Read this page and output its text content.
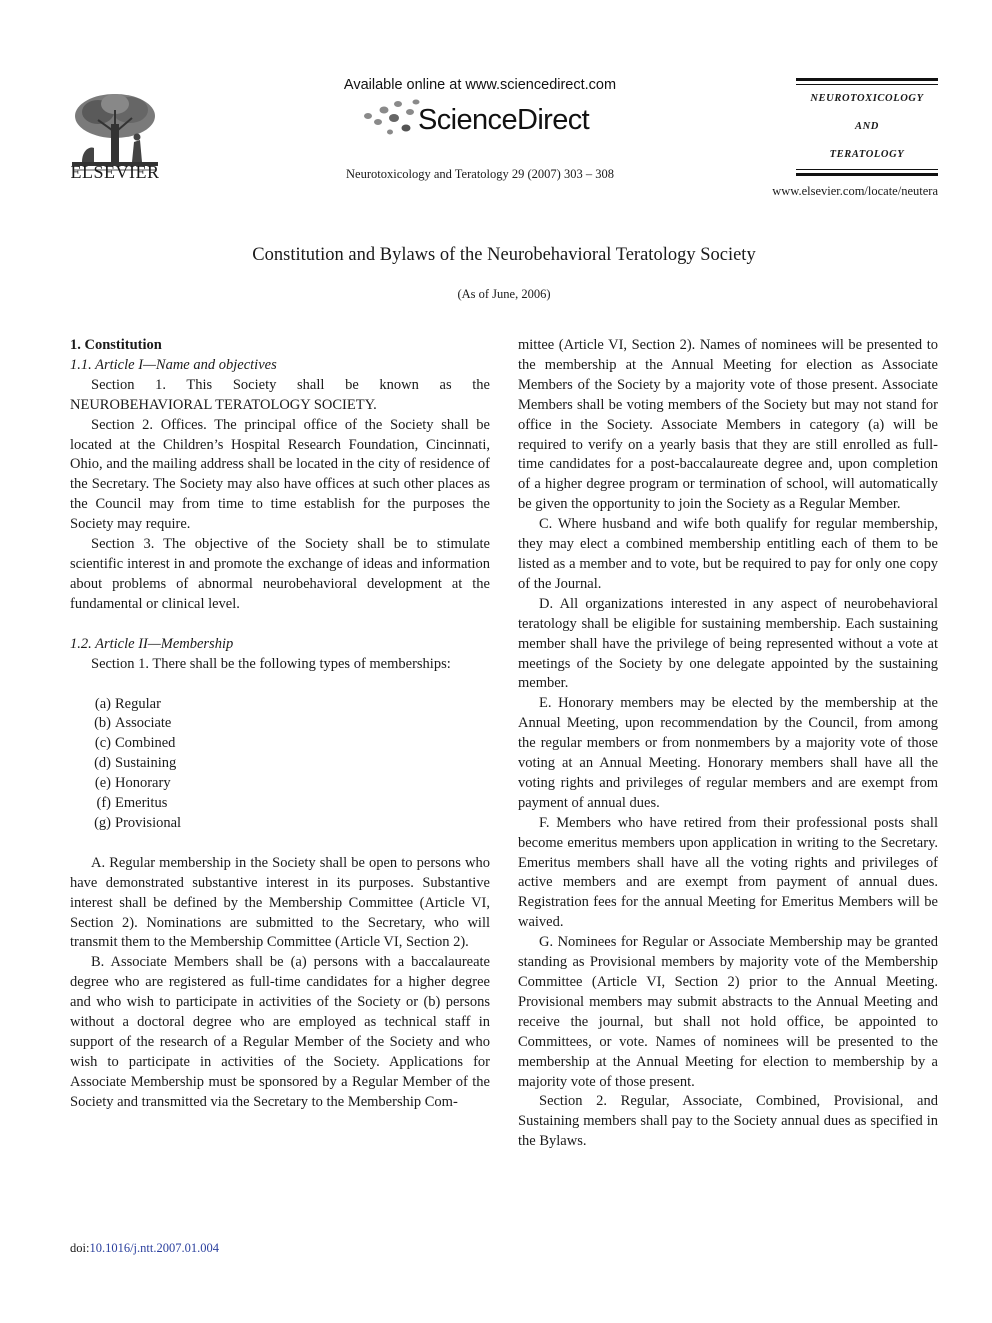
ELSEVIER
Available online at www.sciencedirect.com
ScienceDirect
Neurotoxicology and Teratology 29 (2007) 303 – 308
NEUROTOXICOLOGY
AND
TERATOLOGY
www.elsevier.com/locate/neutera
Constitution and Bylaws of the Neurobehavioral Teratology Society
(As of June, 2006)

1. Constitution

1.1. Article I—Name and objectives

Section 1. This Society shall be known as the NEUROBEHAVIORAL TERATOLOGY SOCIETY.

Section 2. Offices. The principal office of the Society shall be located at the Children’s Hospital Research Foundation, Cincinnati, Ohio, and the mailing address shall be located in the city of residence of the Secretary. The Society may also have offices at such other places as the Council may from time to time establish for the purposes the Society may require.

Section 3. The objective of the Society shall be to stimulate scientific interest in and promote the exchange of ideas and information about problems of abnormal neurobehavioral development at the fundamental or clinical level.

1.2. Article II—Membership

Section 1. There shall be the following types of memberships:

(a) Regular
(b) Associate
(c) Combined
(d) Sustaining
(e) Honorary
(f) Emeritus
(g) Provisional

A. Regular membership in the Society shall be open to persons who have demonstrated substantive interest in its purposes. Substantive interest shall be defined by the Membership Committee (Article VI, Section 2). Nominations are submitted to the Secretary, who will transmit them to the Membership Committee (Article VI, Section 2).

B. Associate Members shall be (a) persons with a baccalaureate degree who are registered as full-time candidates for a higher degree and who wish to participate in activities of the Society or (b) persons without a doctoral degree who are employed as technical staff in support of the research of a Regular Member of the Society and who wish to participate in activities of the Society. Applications for Associate Membership must be sponsored by a Regular Member of the Society and transmitted via the Secretary to the Membership Com-

mittee (Article VI, Section 2). Names of nominees will be presented to the membership at the Annual Meeting for election as Associate Members of the Society by a majority vote of those present. Associate Members shall be voting members of the Society but may not stand for office in the Society. Associate Members in category (a) will be required to verify on a yearly basis that they are still enrolled as full-time candidates for a post-baccalaureate degree and, upon completion of a higher degree program or termination of school, will automatically be given the opportunity to join the Society as a Regular Member.

C. Where husband and wife both qualify for regular membership, they may elect a combined membership entitling each of them to be listed as a member and to vote, but be required to pay for only one copy of the Journal.

D. All organizations interested in any aspect of neurobehavioral teratology shall be eligible for sustaining membership. Each sustaining member shall have the privilege of being represented without a vote at meetings of the Society by one delegate appointed by the sustaining member.

E. Honorary members may be elected by the membership at the Annual Meeting, upon recommendation by the Council, from among the regular members or from nonmembers by a majority vote of those voting at an Annual Meeting. Honorary members shall have all the voting rights and privileges of regular members and are exempt from payment of annual dues.

F. Members who have retired from their professional posts shall become emeritus members upon application in writing to the Secretary. Emeritus members shall have all the voting rights and privileges of active members and are exempt from payment of annual dues. Registration fees for the annual Meeting for Emeritus Members will be waived.

G. Nominees for Regular or Associate Membership may be granted standing as Provisional members by majority vote of the Membership Committee (Article VI, Section 2) prior to the Annual Meeting. Provisional members may submit abstracts to the Annual Meeting and receive the journal, but shall not hold office, be appointed to Committees, or vote. Names of nominees will be presented to the membership at the Annual Meeting for election to membership by a majority vote of those present.

Section 2. Regular, Associate, Combined, Provisional, and Sustaining members shall pay to the Society annual dues as specified in the Bylaws.

doi:10.1016/j.ntt.2007.01.004
